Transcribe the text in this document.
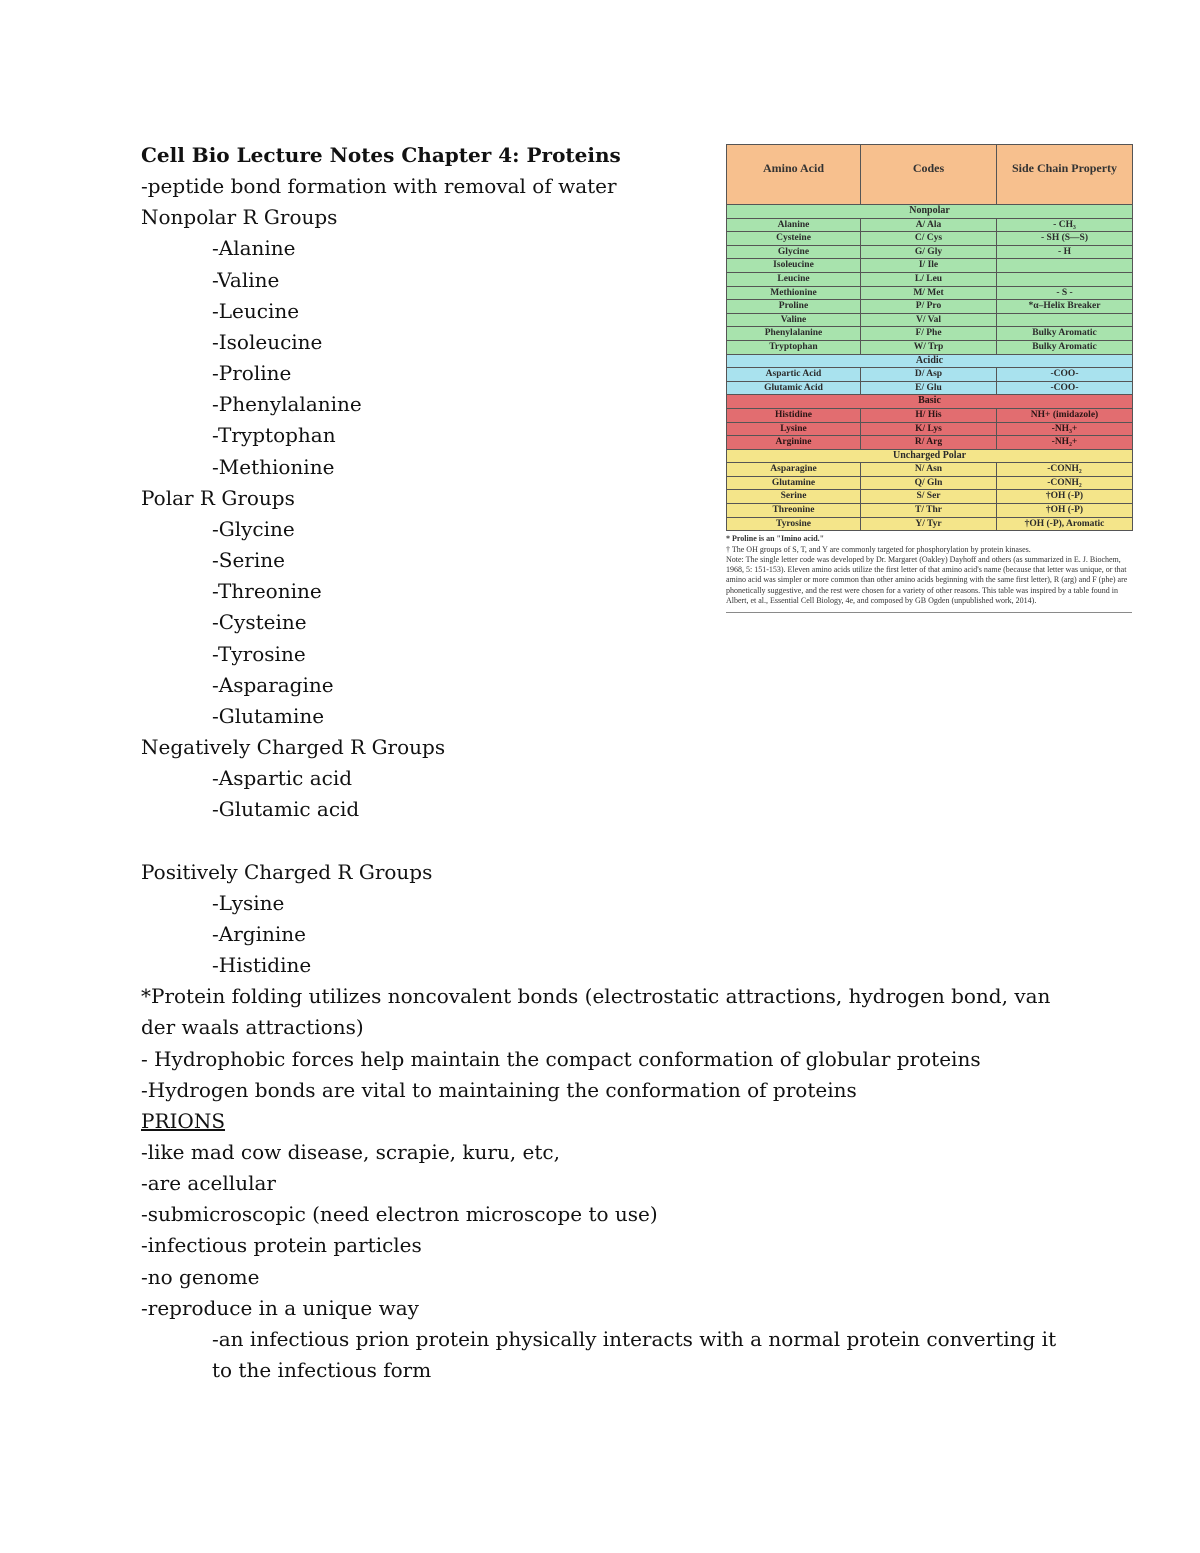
Cell Bio Lecture Notes Chapter 4: Proteins
-peptide bond formation with removal of water
Nonpolar R Groups
-Alanine
-Valine
-Leucine
-Isoleucine
-Proline
-Phenylalanine
-Tryptophan
-Methionine
Polar R Groups
-Glycine
-Serine
-Threonine
-Cysteine
-Tyrosine
-Asparagine
-Glutamine
Negatively Charged R Groups
-Aspartic acid
-Glutamic acid
Positively Charged R Groups
-Lysine
-Arginine
-Histidine
*Protein folding utilizes noncovalent bonds (electrostatic attractions, hydrogen bond, van der waals attractions)
- Hydrophobic forces help maintain the compact conformation of globular proteins
-Hydrogen bonds are vital to maintaining the conformation of proteins
PRIONS
-like mad cow disease, scrapie, kuru, etc,
-are acellular
-submicroscopic (need electron microscope to use)
-infectious protein particles
-no genome
-reproduce in a unique way
-an infectious prion protein physically interacts with a normal protein converting it to the infectious form
Amino Acid	Codes	Side Chain Property
Nonpolar		
Alanine	A/ Ala	- CH₃
Cysteine	C/ Cys	- SH (S—S)
Glycine	G/ Gly	- H
Isoleucine	I/ Ile	
Leucine	L/ Leu	
Methionine	M/ Met	- S -
Proline	P/ Pro	*α–Helix Breaker
Valine	V/ Val	
Phenylalanine	F/ Phe	Bulky Aromatic
Tryptophan	W/ Trp	Bulky Aromatic
Acidic		
Aspartic Acid	D/ Asp	-COO-
Glutamic Acid	E/ Glu	-COO-
Basic		
Histidine	H/ His	NH+ (imidazole)
Lysine	K/ Lys	-NH₃+
Arginine	R/ Arg	-NH₂+
Uncharged Polar		
Asparagine	N/ Asn	-CONH₂
Glutamine	Q/ Gln	-CONH₂
Serine	S/ Ser	†OH (-P)
Threonine	T/ Thr	†OH (-P)
Tyrosine	Y/ Tyr	†OH (-P), Aromatic

* Proline is an "Imino acid."

† The OH groups of S, T, and Y are commonly targeted for phosphorylation by protein kinases.

Note: The single letter code was developed by Dr. Margaret (Oakley) Dayhoff and others (as summarized in E. J. Biochem, 1968, 5: 151-153). Eleven amino acids utilize the first letter of that amino acid's name (because that letter was unique, or that amino acid was simpler or more common than other amino acids beginning with the same first letter), R (arg) and F (phe) are phonetically suggestive, and the rest were chosen for a variety of other reasons. This table was inspired by a table found in Albert, et al., Essential Cell Biology, 4e, and composed by GB Ogden (unpublished work, 2014).
